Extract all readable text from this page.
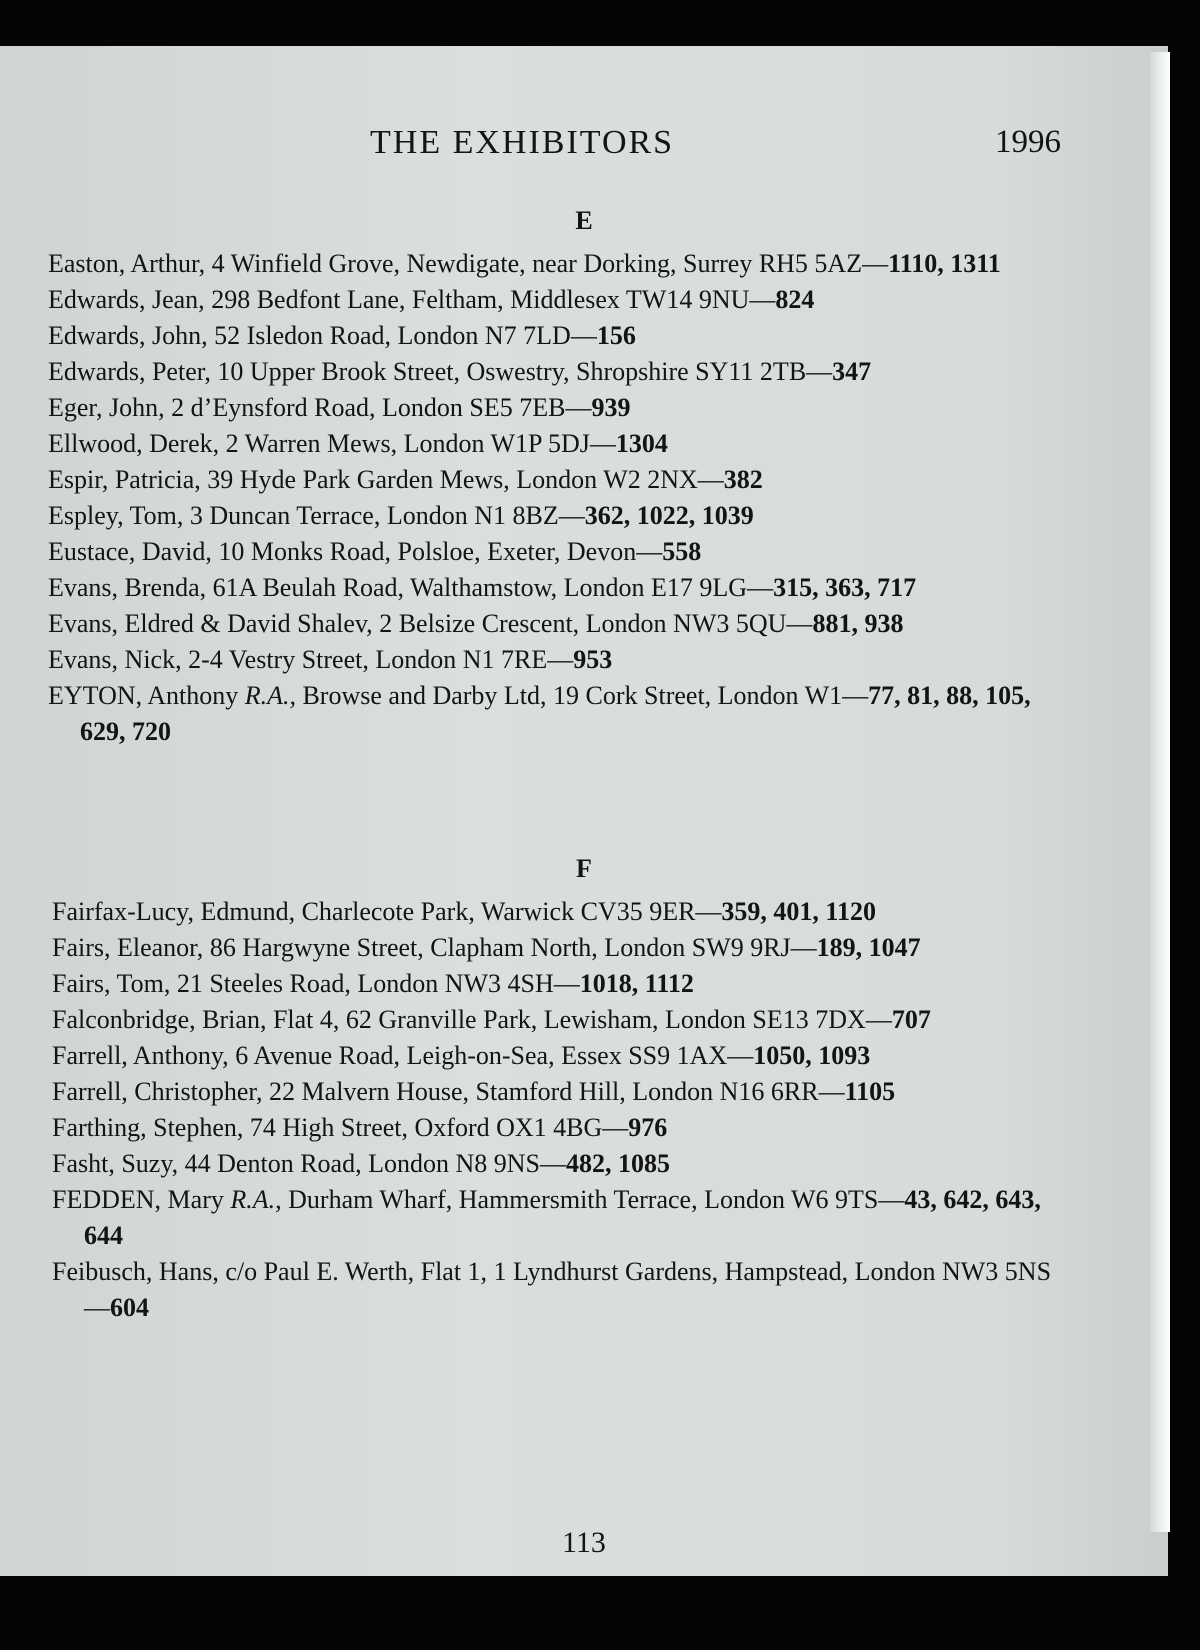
THE EXHIBITORS	1996
E
Easton, Arthur, 4 Winfield Grove, Newdigate, near Dorking, Surrey RH5 5AZ—1110, 1311
Edwards, Jean, 298 Bedfont Lane, Feltham, Middlesex TW14 9NU—824
Edwards, John, 52 Isledon Road, London N7 7LD—156
Edwards, Peter, 10 Upper Brook Street, Oswestry, Shropshire SY11 2TB—347
Eger, John, 2 d’Eynsford Road, London SE5 7EB—939
Ellwood, Derek, 2 Warren Mews, London W1P 5DJ—1304
Espir, Patricia, 39 Hyde Park Garden Mews, London W2 2NX—382
Espley, Tom, 3 Duncan Terrace, London N1 8BZ—362, 1022, 1039
Eustace, David, 10 Monks Road, Polsloe, Exeter, Devon—558
Evans, Brenda, 61A Beulah Road, Walthamstow, London E17 9LG—315, 363, 717
Evans, Eldred & David Shalev, 2 Belsize Crescent, London NW3 5QU—881, 938
Evans, Nick, 2-4 Vestry Street, London N1 7RE—953
EYTON, Anthony R.A., Browse and Darby Ltd, 19 Cork Street, London W1—77, 81, 88, 105, 629, 720
F
Fairfax-Lucy, Edmund, Charlecote Park, Warwick CV35 9ER—359, 401, 1120
Fairs, Eleanor, 86 Hargwyne Street, Clapham North, London SW9 9RJ—189, 1047
Fairs, Tom, 21 Steeles Road, London NW3 4SH—1018, 1112
Falconbridge, Brian, Flat 4, 62 Granville Park, Lewisham, London SE13 7DX—707
Farrell, Anthony, 6 Avenue Road, Leigh-on-Sea, Essex SS9 1AX—1050, 1093
Farrell, Christopher, 22 Malvern House, Stamford Hill, London N16 6RR—1105
Farthing, Stephen, 74 High Street, Oxford OX1 4BG—976
Fasht, Suzy, 44 Denton Road, London N8 9NS—482, 1085
FEDDEN, Mary R.A., Durham Wharf, Hammersmith Terrace, London W6 9TS—43, 642, 643, 644
Feibusch, Hans, c/o Paul E. Werth, Flat 1, 1 Lyndhurst Gardens, Hampstead, London NW3 5NS—604
113
